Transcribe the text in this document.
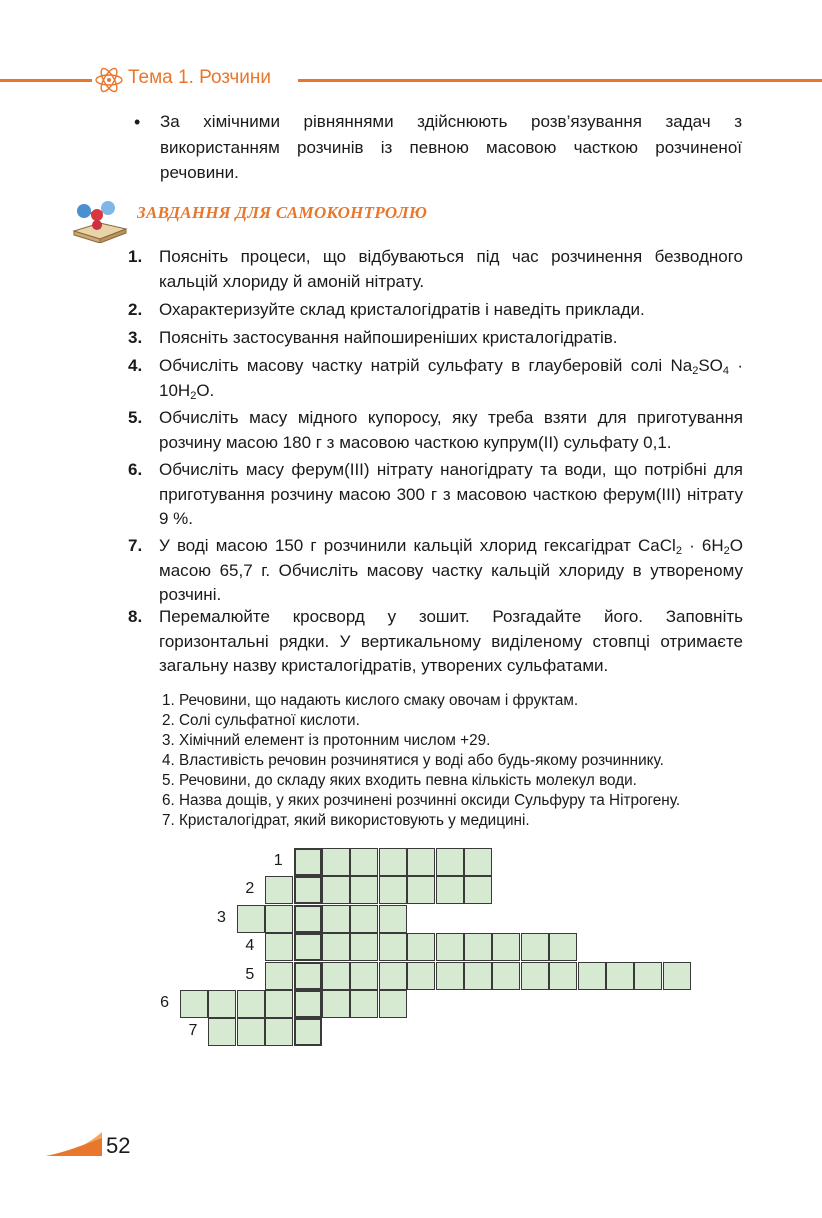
Тема 1. Розчини
• За хімічними рівняннями здійснюють розв’язування задач з використанням розчинів із певною масовою часткою розчиненої речовини.
ЗАВДАННЯ ДЛЯ САМОКОНТРОЛЮ
1. Поясніть процеси, що відбуваються під час розчинення безводного кальцій хлориду й амоній нітрату.
2. Охарактеризуйте склад кристалогідратів і наведіть приклади.
3. Поясніть застосування найпоширеніших кристалогідратів.
4. Обчисліть масову частку натрій сульфату в глауберовій солі $Na_2SO_4 \cdot 10H_2O$.
5. Обчисліть масу мідного купоросу, яку треба взяти для приготування розчину масою 180 г з масовою часткою купрум(ІІ) сульфату 0,1.
6. Обчисліть масу ферум(ІІІ) нітрату наногідрату та води, що потрібні для приготування розчину масою 300 г з масовою часткою ферум(ІІІ) нітрату 9 %.
7. У воді масою 150 г розчинили кальцій хлорид гексагідрат CaCl$_2$ · $6H_2O$ масою 65,7 г. Обчисліть масову частку кальцій хлориду в утвореному розчині.
8. Перемалюйте кросворд у зошит. Розгадайте його. Заповніть горизонтальні рядки. У вертикальному виділеному стовпці отримаєте загальну назву кристалогідратів, утворених сульфатами.
1. Речовини, що надають кислого смаку овочам і фруктам.
2. Солі сульфатної кислоти.
3. Хімічний елемент із протонним числом +29.
4. Властивість речовин розчинятися у воді або будь-якому розчиннику.
5. Речовини, до складу яких входить певна кількість молекул води.
6. Назва дощів, у яких розчинені розчинні оксиди Сульфуру та Нітрогену.
7. Кристалогідрат, який використовують у медицині.
1
2
3
4
5
6
7
52
